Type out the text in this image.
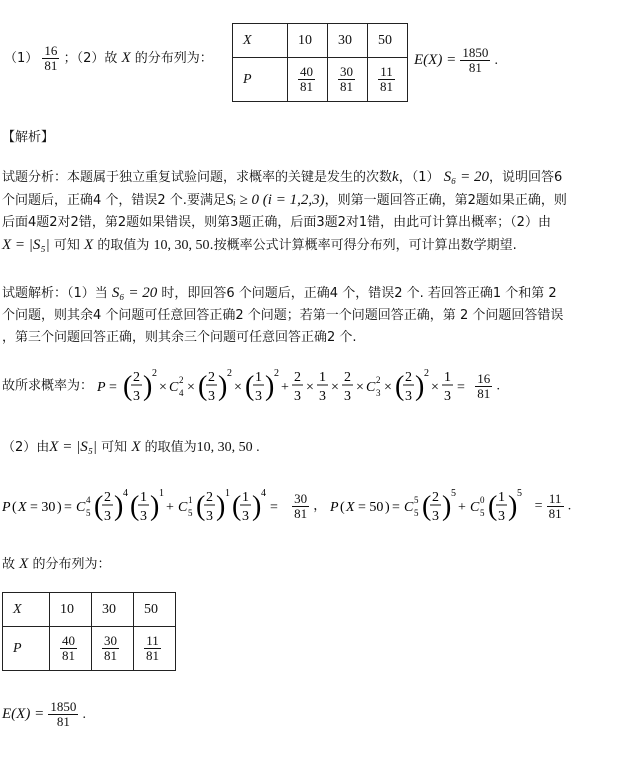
$(1) \frac{16}{81}$ ；（2）故 X 的分布列为：
X	10	30	50
P	$\frac{40}{81}$	$\frac{30}{81}$	$\frac{11}{81}$
$E(X) = \frac{1850}{81}$ .
【解析】
试题分析：本题属于独立重复试验问题，求概率的关键是发生的次数k，（1） S₆ = 20，说明回答6
个问题后，正确4 个，错误2 个.要满足Sᵢ ≥ 0 (i = 1,2,3)，则第一题回答正确，第2题如果正确，则
后面4题2对2错，第2题如果错误，则第3题正确，后面3题2对1错，由此可计算出概率；（2）由
X = |S₅| 可知 X 的取值为 10, 30, 50.按概率公式计算概率可得分布列，可计算出数学期望.
试题解析：（1）当 S₆ = 20 时，即回答6 个问题后，正确4 个，错误2 个. 若回答正确1 个和第 2
个问题，则其余4 个问题可任意回答正确2 个问题；若第一个问题回答正确，第 2 个问题回答错误
，第三个问题回答正确，则其余三个问题可任意回答正确2 个.
故所求概率为： P = ( 2
3 ) 2
× C 2
4 × ( 2
3 ) 2
× ( 1
3 ) 2
+
2
3
×
1
3
×
2
3
× C 2
3 × ( 2
3 ) 2
×
1
3
=
$\frac{16}{81}$ .
（2）由X = |S₅| 可知 X 的取值为10, 30, 50 .
P ( X = 30 ) = C 4
5 ( 2
3 ) 4 ( 1
3 ) 1
+ C 1
5 ( 2
3 ) 1 ( 1
3 ) 4
=
$\frac{30}{81}$ ， P ( X = 50 ) = C 5
5 ( 2
3 ) 5
+ C 0
5 ( 1
3 ) 5
= $\frac{11}{81}$ .
故 X 的分布列为：
X	10	30	50
P	$\frac{40}{81}$	$\frac{30}{81}$	$\frac{11}{81}$
$E(X) = \frac{1850}{81}$ .
